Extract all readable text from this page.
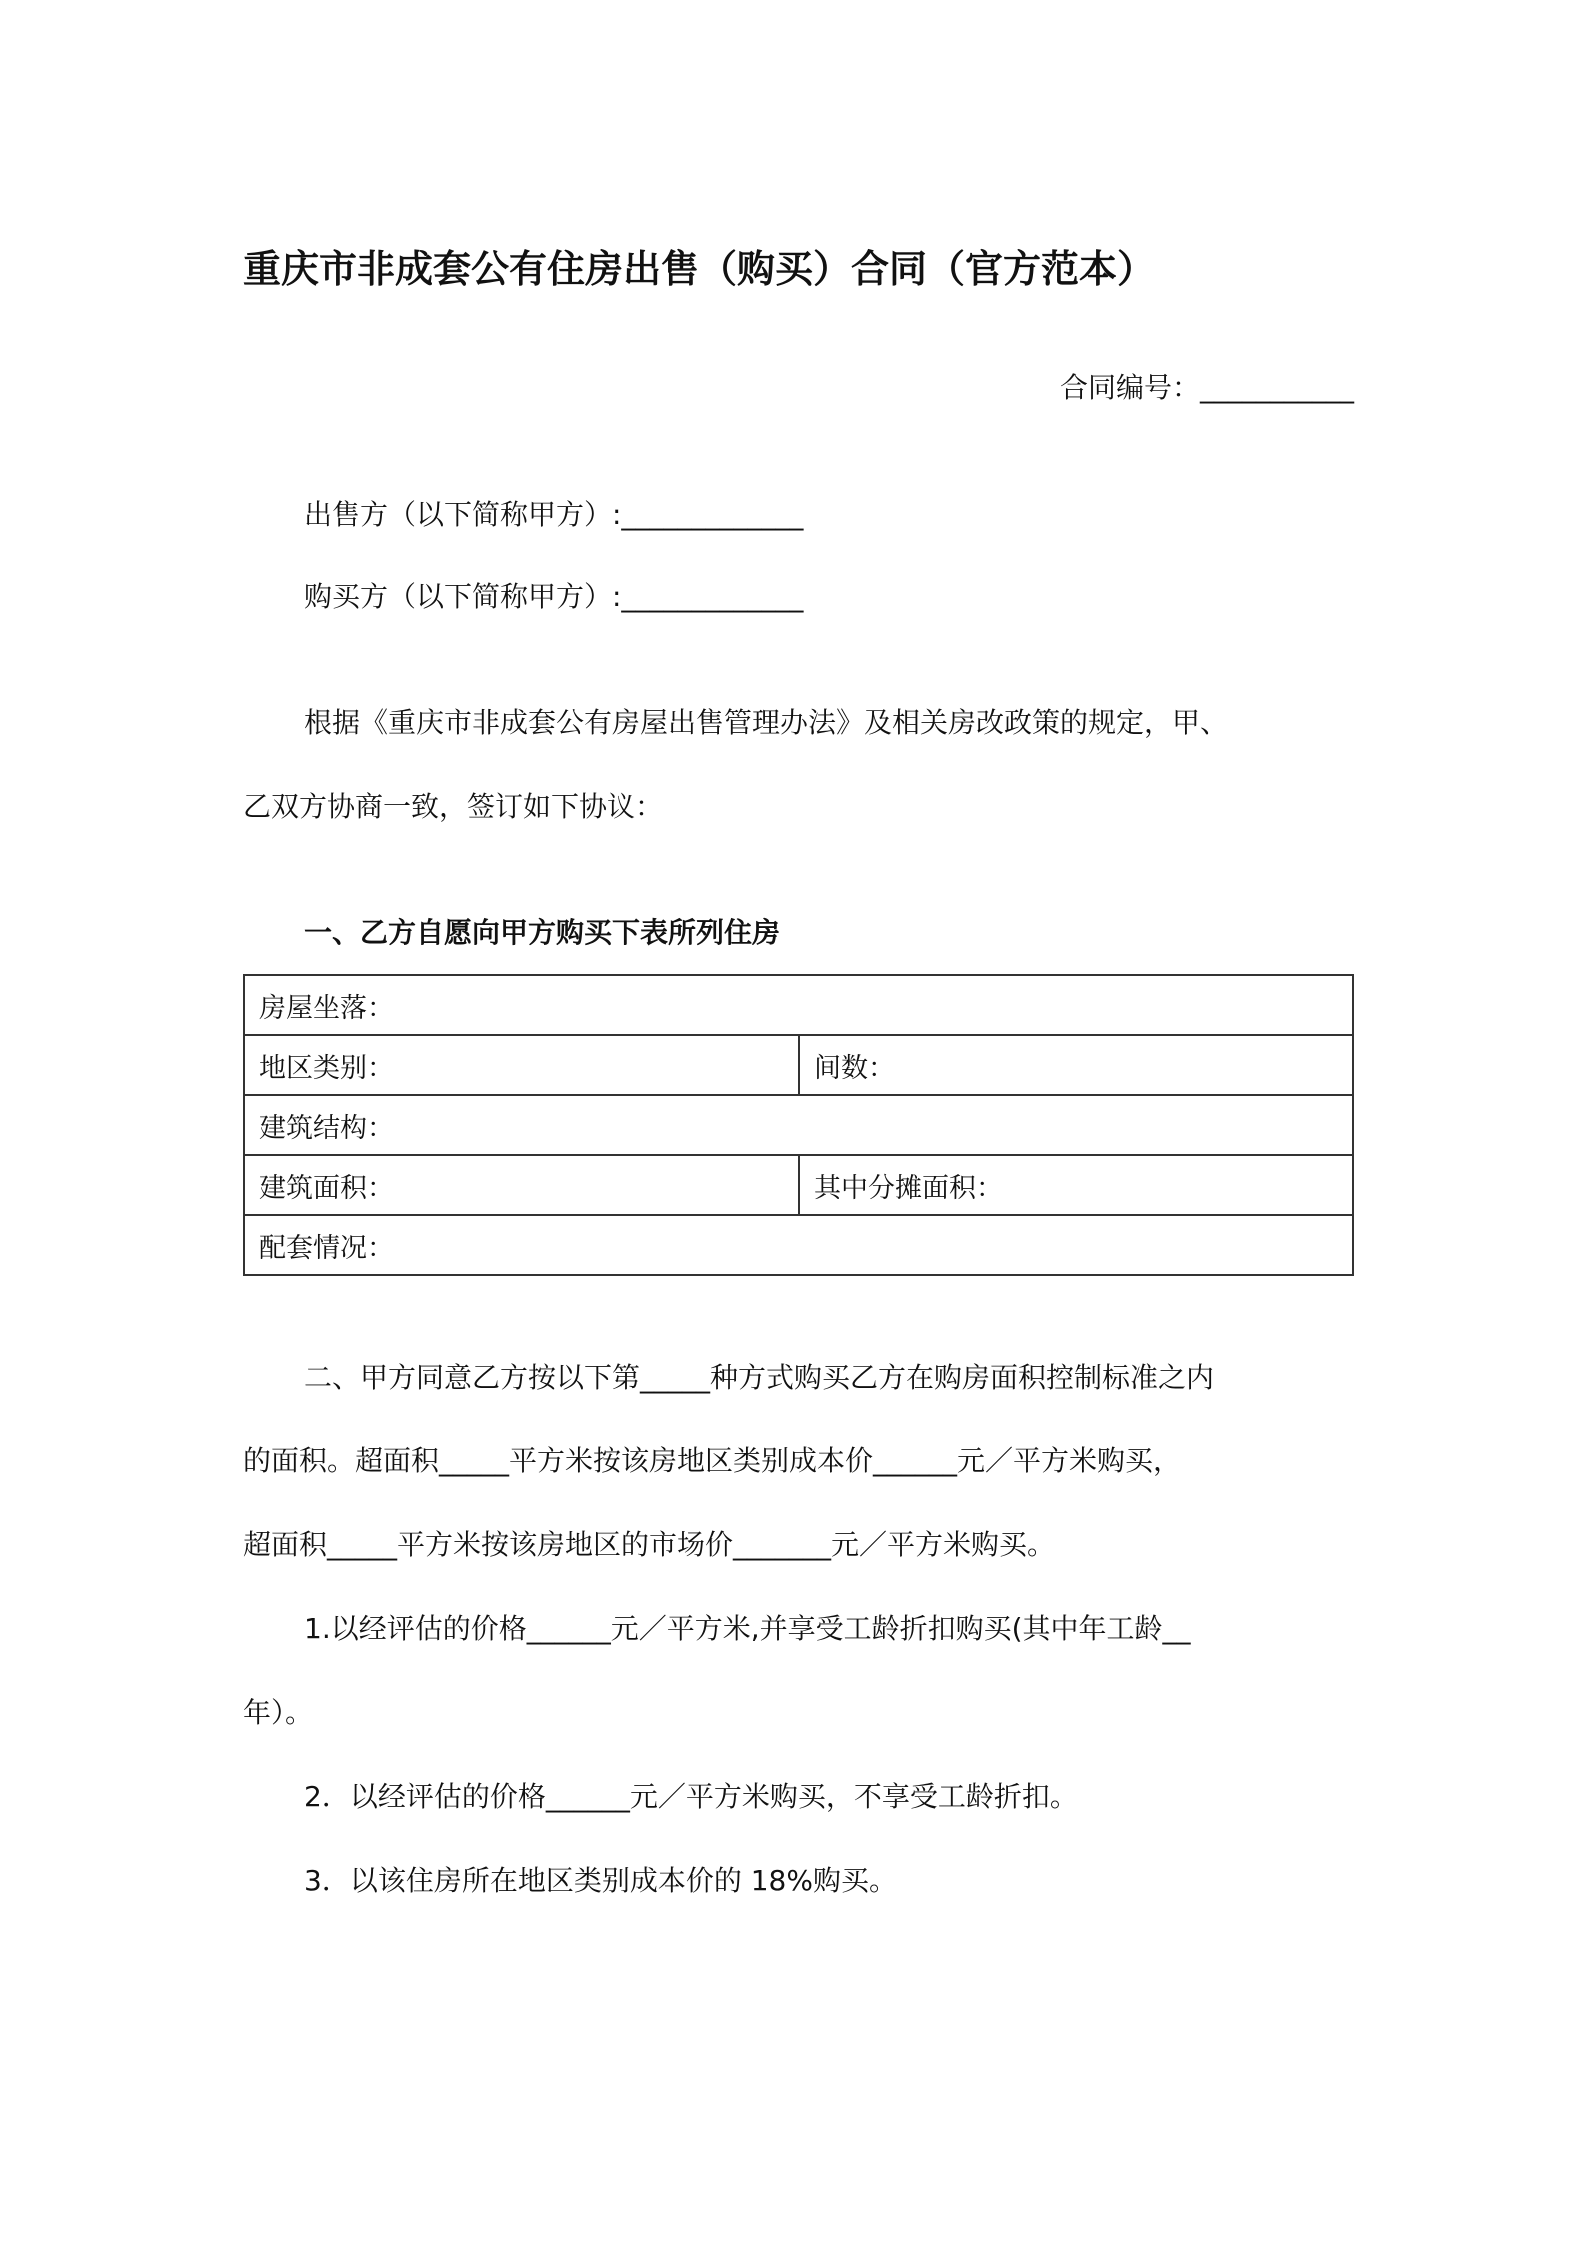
重庆市非成套公有住房出售（购买）合同（官方范本）
合同编号：___________
出售方（以下简称甲方）:_____________
购买方（以下简称甲方）:_____________
根据《重庆市非成套公有房屋出售管理办法》及相关房改政策的规定，甲、
乙双方协商一致，签订如下协议：
一、乙方自愿向甲方购买下表所列住房
房屋坐落：	
地区类别：	间数：
建筑结构：	
建筑面积：	其中分摊面积：
配套情况：	
二、甲方同意乙方按以下第_____种方式购买乙方在购房面积控制标准之内
的面积。超面积_____平方米按该房地区类别成本价______元／平方米购买，
超面积_____平方米按该房地区的市场价_______元／平方米购买。
1.以经评估的价格______元／平方米,并享受工龄折扣购买(其中年工龄__
年）。
2．以经评估的价格______元／平方米购买，不享受工龄折扣。
3．以该住房所在地区类别成本价的 18%购买。
